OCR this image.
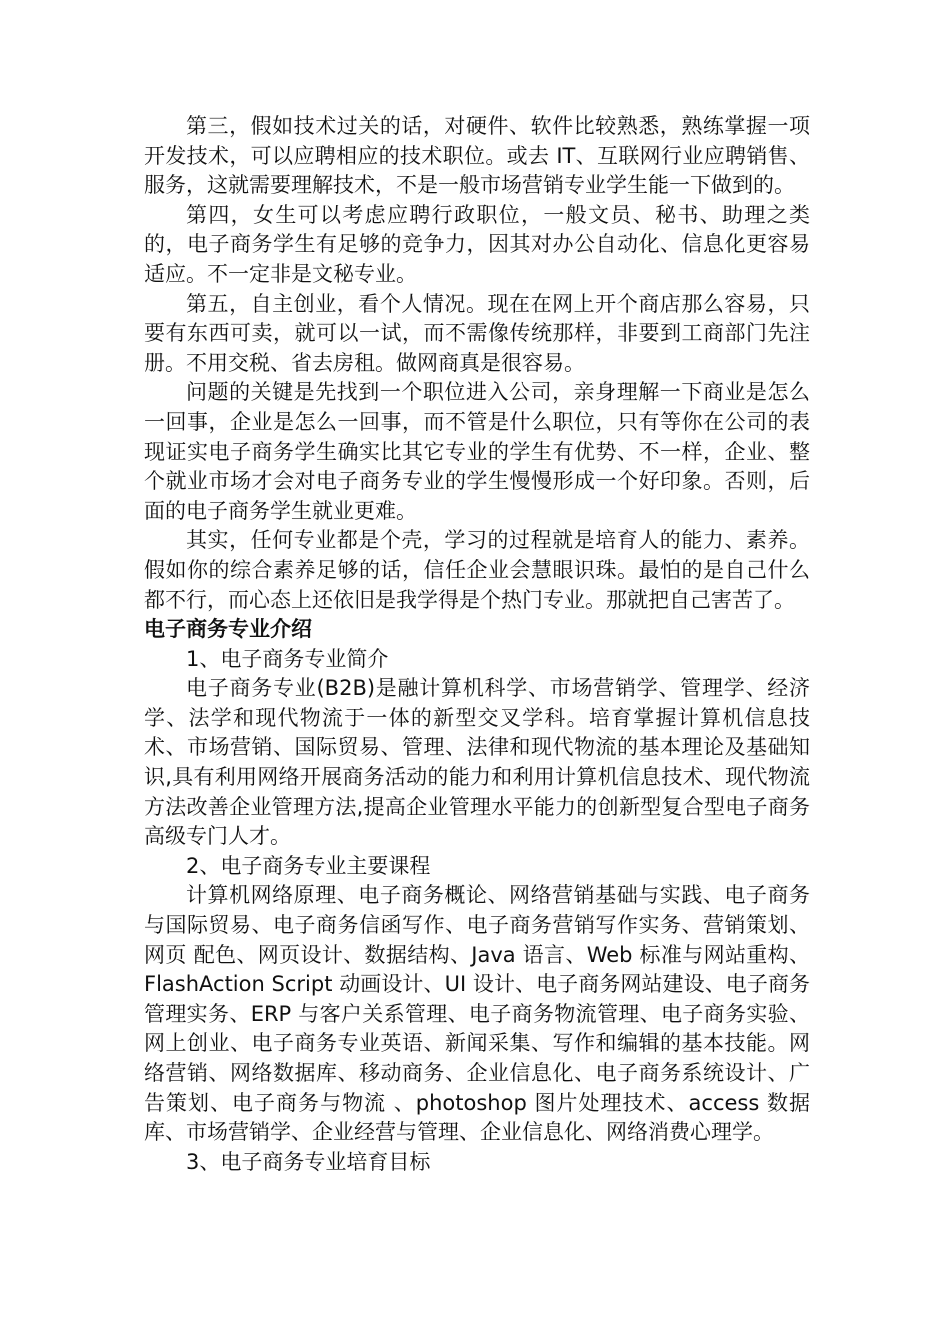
第三，假如技术过关的话，对硬件、软件比较熟悉，熟练掌握一项开发技术，可以应聘相应的技术职位。或去 IT、互联网行业应聘销售、服务，这就需要理解技术，不是一般市场营销专业学生能一下做到的。

第四，女生可以考虑应聘行政职位，一般文员、秘书、助理之类的，电子商务学生有足够的竞争力，因其对办公自动化、信息化更容易适应。不一定非是文秘专业。

第五，自主创业，看个人情况。现在在网上开个商店那么容易，只要有东西可卖，就可以一试，而不需像传统那样，非要到工商部门先注册。不用交税、省去房租。做网商真是很容易。

问题的关键是先找到一个职位进入公司，亲身理解一下商业是怎么一回事，企业是怎么一回事，而不管是什么职位，只有等你在公司的表现证实电子商务学生确实比其它专业的学生有优势、不一样，企业、整个就业市场才会对电子商务专业的学生慢慢形成一个好印象。否则，后面的电子商务学生就业更难。

其实，任何专业都是个壳，学习的过程就是培育人的能力、素养。假如你的综合素养足够的话，信任企业会慧眼识珠。最怕的是自己什么都不行，而心态上还依旧是我学得是个热门专业。那就把自己害苦了。

电子商务专业介绍

1、电子商务专业简介

电子商务专业(B2B)是融计算机科学、市场营销学、管理学、经济学、法学和现代物流于一体的新型交叉学科。培育掌握计算机信息技术、市场营销、国际贸易、管理、法律和现代物流的基本理论及基础知识,具有利用网络开展商务活动的能力和利用计算机信息技术、现代物流方法改善企业管理方法,提高企业管理水平能力的创新型复合型电子商务高级专门人才。

2、电子商务专业主要课程

计算机网络原理、电子商务概论、网络营销基础与实践、电子商务与国际贸易、电子商务信函写作、电子商务营销写作实务、营销策划、网页 配色、网页设计、数据结构、Java 语言、Web 标准与网站重构、FlashAction Script 动画设计、UI 设计、电子商务网站建设、电子商务管理实务、ERP 与客户关系管理、电子商务物流管理、电子商务实验、网上创业、电子商务专业英语、新闻采集、写作和编辑的基本技能。网络营销、网络数据库、移动商务、企业信息化、电子商务系统设计、广告策划、电子商务与物流 、photoshop 图片处理技术、access 数据库、市场营销学、企业经营与管理、企业信息化、网络消费心理学。

3、电子商务专业培育目标
